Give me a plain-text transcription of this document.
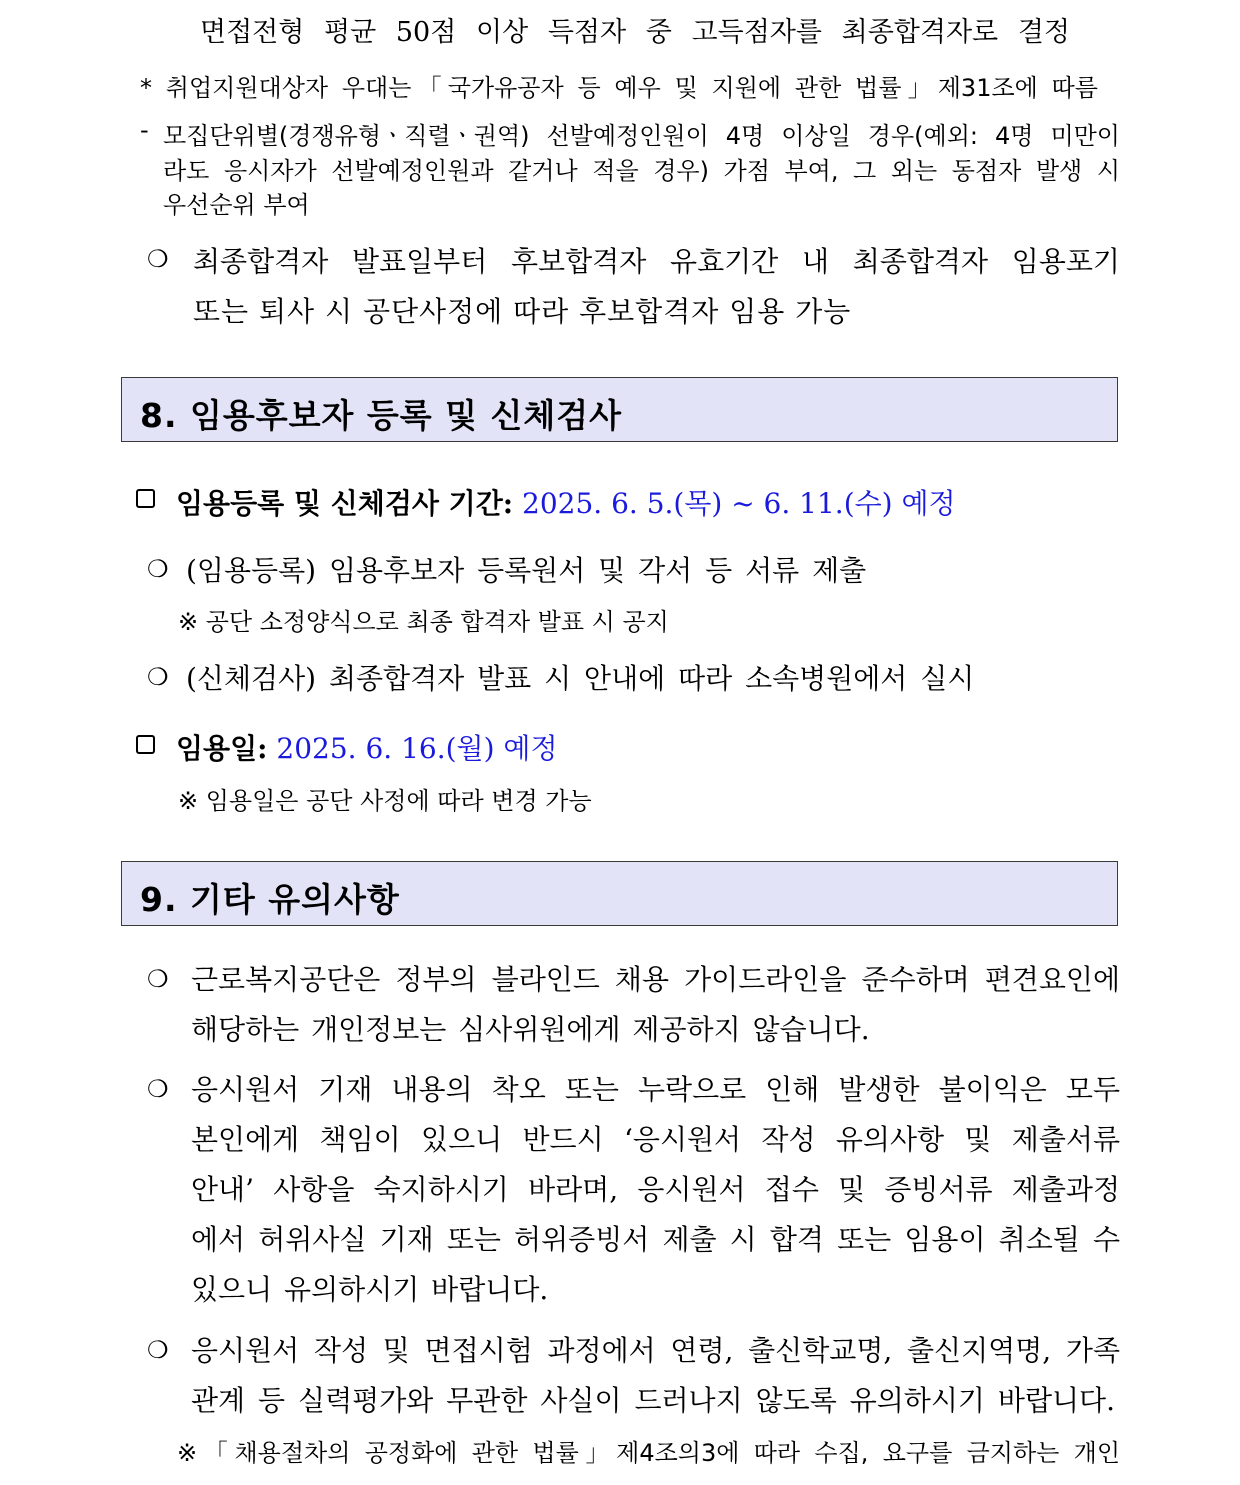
면접전형 평균 50점 이상 득점자 중 고득점자를 최종합격자로 결정
* 취업지원대상자 우대는「국가유공자 등 예우 및 지원에 관한 법률」제31조에 따름
- 모집단위별(경쟁유형ㆍ직렬ㆍ권역) 선발예정인원이 4명 이상일 경우(예외: 4명 미만이
라도 응시자가 선발예정인원과 같거나 적을 경우) 가점 부여, 그 외는 동점자 발생 시
우선순위 부여
❍ 최종합격자 발표일부터 후보합격자 유효기간 내 최종합격자 임용포기
또는 퇴사 시 공단사정에 따라 후보합격자 임용 가능
8. 임용후보자 등록 및 신체검사
임용등록 및 신체검사 기간: 2025. 6. 5.(목) ~ 6. 11.(수) 예정
❍ (임용등록) 임용후보자 등록원서 및 각서 등 서류 제출
※ 공단 소정양식으로 최종 합격자 발표 시 공지
❍ (신체검사) 최종합격자 발표 시 안내에 따라 소속병원에서 실시
임용일: 2025. 6. 16.(월) 예정
※ 임용일은 공단 사정에 따라 변경 가능
9. 기타 유의사항
❍ 근로복지공단은 정부의 블라인드 채용 가이드라인을 준수하며 편견요인에
해당하는 개인정보는 심사위원에게 제공하지 않습니다.
❍ 응시원서 기재 내용의 착오 또는 누락으로 인해 발생한 불이익은 모두
본인에게 책임이 있으니 반드시 ‘응시원서 작성 유의사항 및 제출서류
안내’ 사항을 숙지하시기 바라며, 응시원서 접수 및 증빙서류 제출과정
에서 허위사실 기재 또는 허위증빙서 제출 시 합격 또는 임용이 취소될 수
있으니 유의하시기 바랍니다.
❍ 응시원서 작성 및 면접시험 과정에서 연령, 출신학교명, 출신지역명, 가족
관계 등 실력평가와 무관한 사실이 드러나지 않도록 유의하시기 바랍니다.
※「채용절차의 공정화에 관한 법률」제4조의3에 따라 수집, 요구를 금지하는 개인
